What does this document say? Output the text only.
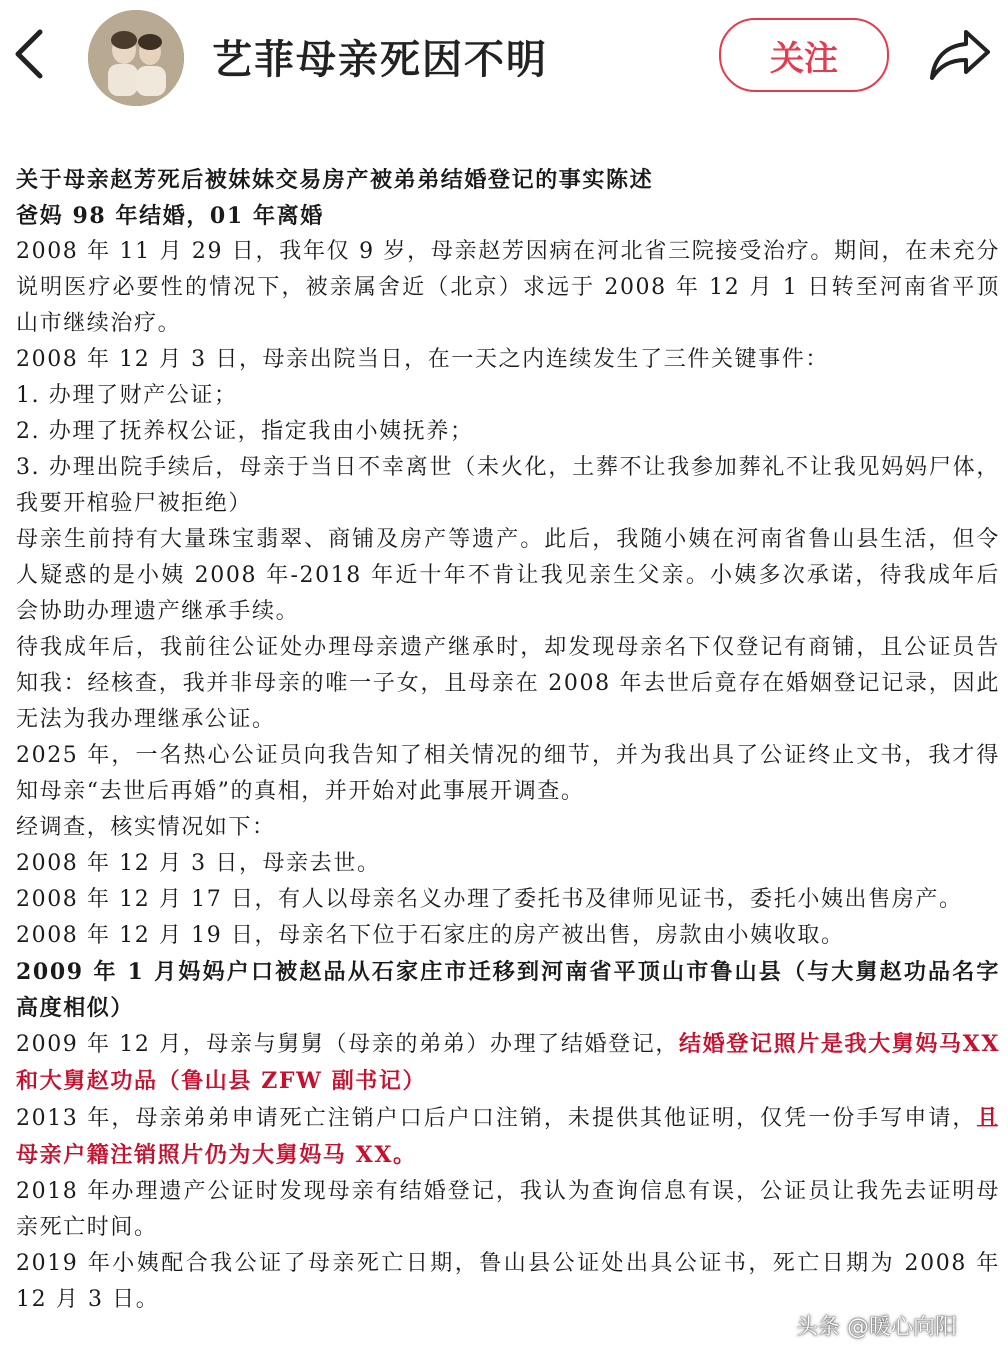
艺菲母亲死因不明	关注

关于母亲赵芳死后被妹妹交易房产被弟弟结婚登记的事实陈述

爸妈 98 年结婚，01 年离婚

2008 年 11 月 29 日，我年仅 9 岁，母亲赵芳因病在河北省三院接受治疗。期间，在未充分说明医疗必要性的情况下，被亲属舍近（北京）求远于 2008 年 12 月 1 日转至河南省平顶山市继续治疗。

2008 年 12 月 3 日，母亲出院当日，在一天之内连续发生了三件关键事件：

1. 办理了财产公证；

2. 办理了抚养权公证，指定我由小姨抚养；

3. 办理出院手续后，母亲于当日不幸离世（未火化，土葬不让我参加葬礼不让我见妈妈尸体，我要开棺验尸被拒绝）

母亲生前持有大量珠宝翡翠、商铺及房产等遗产。此后，我随小姨在河南省鲁山县生活，但令人疑惑的是小姨 2008 年-2018 年近十年不肯让我见亲生父亲。小姨多次承诺，待我成年后会协助办理遗产继承手续。

待我成年后，我前往公证处办理母亲遗产继承时，却发现母亲名下仅登记有商铺，且公证员告知我：经核查，我并非母亲的唯一子女，且母亲在 2008 年去世后竟存在婚姻登记记录，因此无法为我办理继承公证。

2025 年，一名热心公证员向我告知了相关情况的细节，并为我出具了公证终止文书，我才得知母亲“去世后再婚”的真相，并开始对此事展开调查。

经调查，核实情况如下：

2008 年 12 月 3 日，母亲去世。

2008 年 12 月 17 日，有人以母亲名义办理了委托书及律师见证书，委托小姨出售房产。

2008 年 12 月 19 日，母亲名下位于石家庄的房产被出售，房款由小姨收取。

2009 年 1 月妈妈户口被赵品从石家庄市迁移到河南省平顶山市鲁山县（与大舅赵功品名字高度相似）

2009 年 12 月，母亲与舅舅（母亲的弟弟）办理了结婚登记，结婚登记照片是我大舅妈马XX 和大舅赵功品（鲁山县 ZFW 副书记）

2013 年，母亲弟弟申请死亡注销户口后户口注销，未提供其他证明，仅凭一份手写申请，且母亲户籍注销照片仍为大舅妈马 XX。

2018 年办理遗产公证时发现母亲有结婚登记，我认为查询信息有误，公证员让我先去证明母亲死亡时间。

2019 年小姨配合我公证了母亲死亡日期，鲁山县公证处出具公证书，死亡日期为 2008 年 12 月 3 日。

头条 @暖心向阳
